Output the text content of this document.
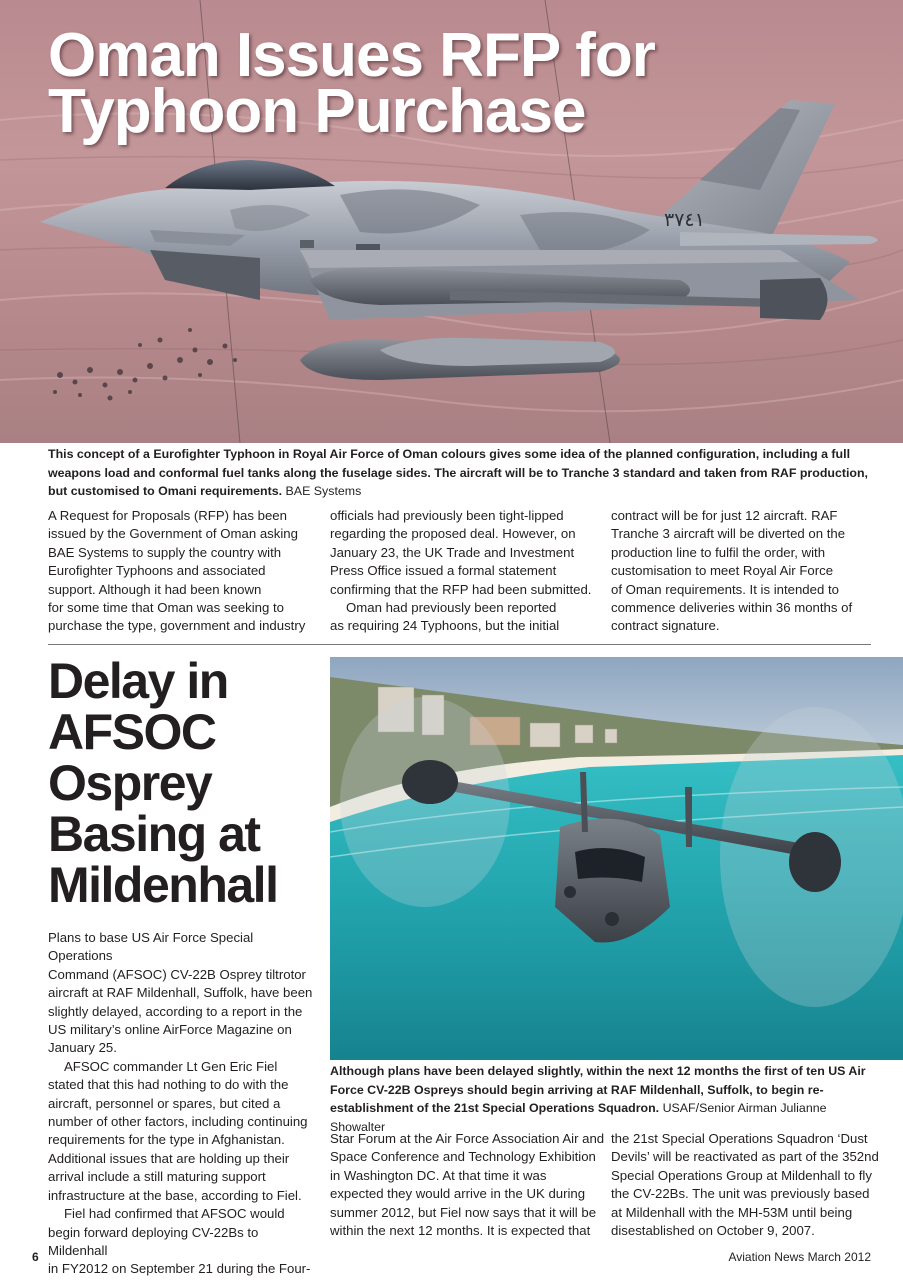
٣٧٤١
Oman Issues RFP for
Typhoon Purchase
This concept of a Eurofighter Typhoon in Royal Air Force of Oman colours gives some idea of the planned configuration, including a full weapons load and conformal fuel tanks along the fuselage sides. The aircraft will be to Tranche 3 standard and taken from RAF production, but customised to Omani requirements. BAE Systems

A Request for Proposals (RFP) has been

issued by the Government of Oman asking

BAE Systems to supply the country with

Eurofighter Typhoons and associated

support. Although it had been known

for some time that Oman was seeking to

purchase the type, government and industry

officials had previously been tight-lipped

regarding the proposed deal. However, on

January 23, the UK Trade and Investment

Press Office issued a formal statement

confirming that the RFP had been submitted.

Oman had previously been reported

as requiring 24 Typhoons, but the initial

contract will be for just 12 aircraft. RAF

Tranche 3 aircraft will be diverted on the

production line to fulfil the order, with

customisation to meet Royal Air Force

of Oman requirements. It is intended to

commence deliveries within 36 months of

contract signature.

Delay in
AFSOC
Osprey
Basing at
Mildenhall
Although plans have been delayed slightly, within the next 12 months the first of ten US Air Force CV-22B Ospreys should begin arriving at RAF Mildenhall, Suffolk, to begin re-establishment of the 21st Special Operations Squadron. USAF/Senior Airman Julianne Showalter

Plans to base US Air Force Special Operations

Command (AFSOC) CV-22B Osprey tiltrotor

aircraft at RAF Mildenhall, Suffolk, have been

slightly delayed, according to a report in the

US military’s online AirForce Magazine on

January 25.

AFSOC commander Lt Gen Eric Fiel

stated that this had nothing to do with the

aircraft, personnel or spares, but cited a

number of other factors, including continuing

requirements for the type in Afghanistan.

Additional issues that are holding up their

arrival include a still maturing support

infrastructure at the base, according to Fiel.

Fiel had confirmed that AFSOC would

begin forward deploying CV-22Bs to Mildenhall

in FY2012 on September 21 during the Four-

Star Forum at the Air Force Association Air and

Space Conference and Technology Exhibition

in Washington DC. At that time it was

expected they would arrive in the UK during

summer 2012, but Fiel now says that it will be

within the next 12 months. It is expected that

the 21st Special Operations Squadron ‘Dust

Devils’ will be reactivated as part of the 352nd

Special Operations Group at Mildenhall to fly

the CV-22Bs. The unit was previously based

at Mildenhall with the MH-53M until being

disestablished on October 9, 2007.

6	Aviation News March 2012
